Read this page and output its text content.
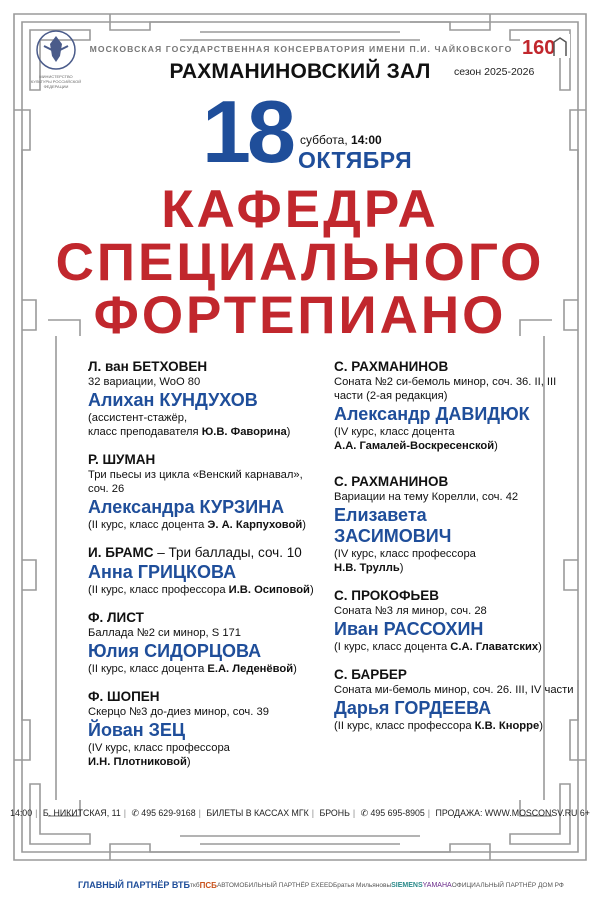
МИНИСТЕРСТВО КУЛЬТУРЫ РОССИЙСКОЙ ФЕДЕРАЦИИ
МОСКОВСКАЯ ГОСУДАРСТВЕННАЯ КОНСЕРВАТОРИЯ ИМЕНИ П.И. ЧАЙКОВСКОГО 160
РАХМАНИНОВСКИЙ ЗАЛ	сезон 2025-2026
18 суббота, 14:00
ОКТЯБРЯ
КАФЕДРА
СПЕЦИАЛЬНОГО
ФОРТЕПИАНО
Л. ван БЕТХОВЕН
32 вариации, WoO 80
Алихан КУНДУХОВ
(ассистент-стажёр,
класс преподавателя Ю.В. Фаворина)
Р. ШУМАН
Три пьесы из цикла «Венский карнавал», соч. 26
Александра КУРЗИНА
(II курс, класс доцента Э. А. Карпуховой)
И. БРАМС – Три баллады, соч. 10
Анна ГРИЦКОВА
(II курс, класс профессора И.В. Осиповой)
Ф. ЛИСТ
Баллада №2 си минор, S 171
Юлия СИДОРЦОВА
(II курс, класс доцента Е.А. Леденёвой)
Ф. ШОПЕН
Скерцо №3 до-диез минор, соч. 39
Йован ЗЕЦ
(IV курс, класс профессора
И.Н. Плотниковой)
С. РАХМАНИНОВ
Соната №2 си-бемоль минор, соч. 36. II, III части (2-ая редакция)
Александр ДАВИДЮК
(IV курс, класс доцента
А.А. Гамалей-Воскресенской)
С. РАХМАНИНОВ
Вариации на тему Корелли, соч. 42
Елизавета
ЗАСИМОВИЧ
(IV курс, класс профессора
Н.В. Трулль)
С. ПРОКОФЬЕВ
Соната №3 ля минор, соч. 28
Иван РАССОХИН
(I курс, класс доцента С.А. Главатских)
С. БАРБЕР
Соната ми-бемоль минор, соч. 26. III, IV части
Дарья ГОРДЕЕВА
(II курс, класс профессора К.В. Кнорре)
14:00 | Б. НИКИТСКАЯ, 11 | ✆ 495 629-9168 | БИЛЕТЫ В КАССАХ МГК | БРОНЬ | ✆ 495 695-8905 | ПРОДАЖА: WWW.MOSCONSV.RU 6+
ГЛАВНЫЙ ПАРТНЁР ВТБ ткб ПСБ АВТОМОБИЛЬНЫЙ ПАРТНЁР EXEED Братья Мильяновы SIEMENS YAMAHA ОФИЦИАЛЬНЫЙ ПАРТНЁР ДОМ РФ
